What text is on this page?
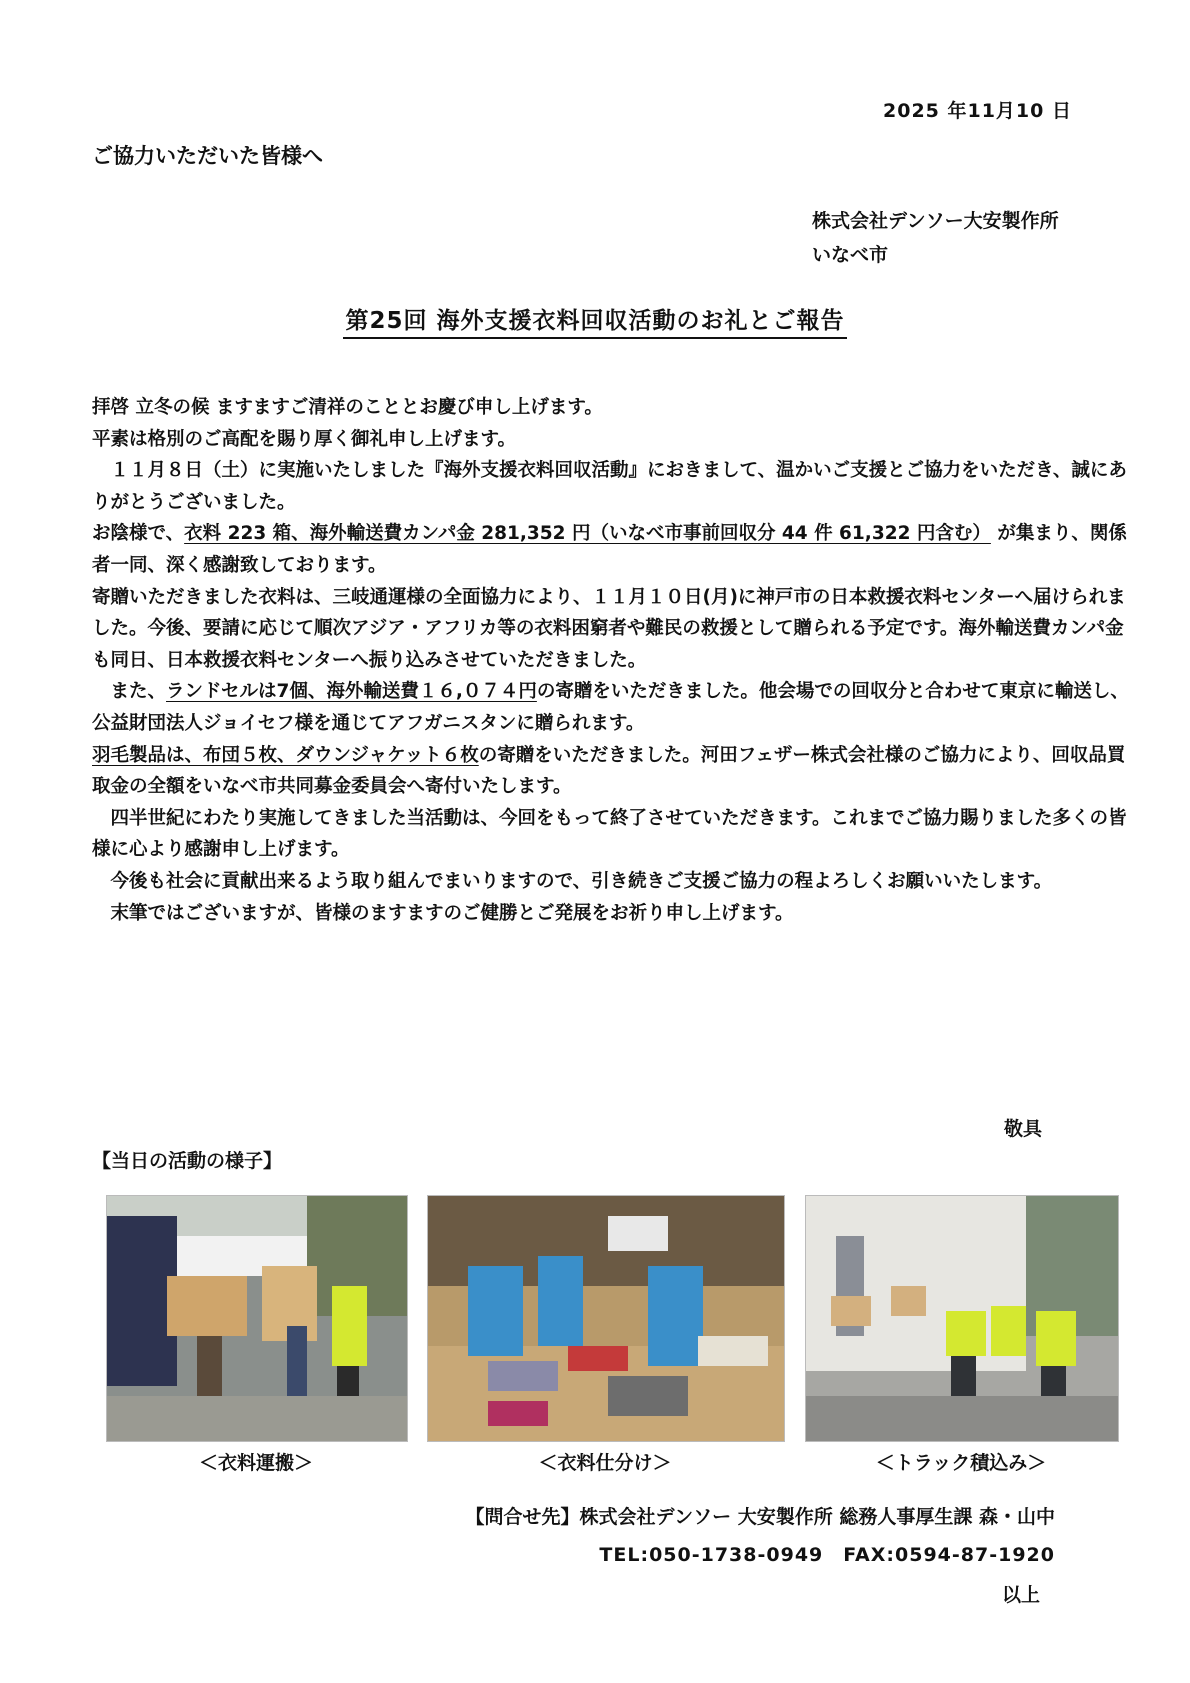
2025 年11月10 日
ご協力いただいた皆様へ
株式会社デンソー大安製作所
いなべ市
第25回 海外支援衣料回収活動のお礼とご報告

拝啓 立冬の候 ますますご清祥のこととお慶び申し上げます。

平素は格別のご高配を賜り厚く御礼申し上げます。

　１１月８日（土）に実施いたしました『海外支援衣料回収活動』におきまして、温かいご支援とご協力をいただき、誠にありがとうございました。

お陰様で、衣料 223 箱、海外輸送費カンパ金 281,352 円（いなべ市事前回収分 44 件 61,322 円含む） が集まり、関係者一同、深く感謝致しております。

寄贈いただきました衣料は、三岐通運様の全面協力により、１１月１０日(月)に神戸市の日本救援衣料センターへ届けられました。今後、要請に応じて順次アジア・アフリカ等の衣料困窮者や難民の救援として贈られる予定です。海外輸送費カンパ金も同日、日本救援衣料センターへ振り込みさせていただきました。

　また、ランドセルは7個、海外輸送費１６,０７４円の寄贈をいただきました。他会場での回収分と合わせて東京に輸送し、公益財団法人ジョイセフ様を通じてアフガニスタンに贈られます。

羽毛製品は、布団５枚、ダウンジャケット６枚の寄贈をいただきました。河田フェザー株式会社様のご協力により、回収品買取金の全額をいなべ市共同募金委員会へ寄付いたします。

　四半世紀にわたり実施してきました当活動は、今回をもって終了させていただきます。これまでご協力賜りました多くの皆様に心より感謝申し上げます。

　今後も社会に貢献出来るよう取り組んでまいりますので、引き続きご支援ご協力の程よろしくお願いいたします。

　末筆ではございますが、皆様のますますのご健勝とご発展をお祈り申し上げます。

敬具
【当日の活動の様子】
＜衣料運搬＞	＜衣料仕分け＞	＜トラック積込み＞
【問合せ先】株式会社デンソー 大安製作所 総務人事厚生課 森・山中
TEL:050-1738-0949　FAX:0594-87-1920
以上
